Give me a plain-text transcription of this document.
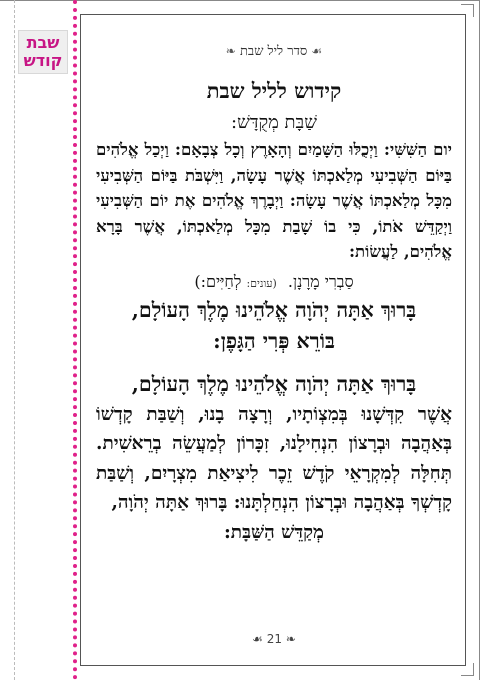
שבת
קודש	☙ סדר ליל שבת ❧
קידוש לליל שבת
שַׁבָּת מְקֻדָּשׁ:
יום הַשִּׁשִּׁי: וַיְכֻלּוּ הַשָּׁמַיִם וְהָאָרֶץ וְכָל צְבָאָם: וַיְכַל אֱלֹהִים בַּיּוֹם הַשְּׁבִיעִי מְלַאכְתּוֹ אֲשֶׁר עָשָׂה, וַיִּשְׁבֹּת בַּיּוֹם הַשְּׁבִיעִי מִכָּל מְלַאכְתּוֹ אֲשֶׁר עָשָׂה: וַיְבָרֶךְ אֱלֹהִים אֶת יוֹם הַשְּׁבִיעִי וַיְקַדֵּשׁ אֹתוֹ, כִּי בוֹ שָׁבַת מִכָּל מְלַאכְתּוֹ, אֲשֶׁר בָּרָא אֱלֹהִים, לַעֲשׂוֹת:
סַבְרִי מָרָנָן. (עונים: לְחַיִּים:)
בָּרוּךְ אַתָּה יְהֹוָה אֱלֹהֵינוּ מֶלֶךְ הָעוֹלָם,
בּוֹרֵא פְּרִי הַגָּפֶן:
בָּרוּךְ אַתָּה יְהֹוָה אֱלֹהֵינוּ מֶלֶךְ הָעוֹלָם,
אֲשֶׁר קִדְּשָׁנוּ בְּמִצְוֹתָיו, וְרָצָה בָנוּ, וְשַׁבַּת קָדְשׁוֹ בְּאַהֲבָה וּבְרָצוֹן הִנְחִילָנוּ, זִכָּרוֹן לְמַעֲשֵׂה בְרֵאשִׁית. תְּחִלָּה לְמִקְרָאֵי קֹדֶשׁ זֵכֶר לִיצִיאַת מִצְרָיִם, וְשַׁבַּת קָדְשְׁךָ בְּאַהֲבָה וּבְרָצוֹן הִנְחַלְתָּנוּ: בָּרוּךְ אַתָּה יְהֹוָה,
מְקַדֵּשׁ הַשַּׁבָּת:
☙ 21 ❧
